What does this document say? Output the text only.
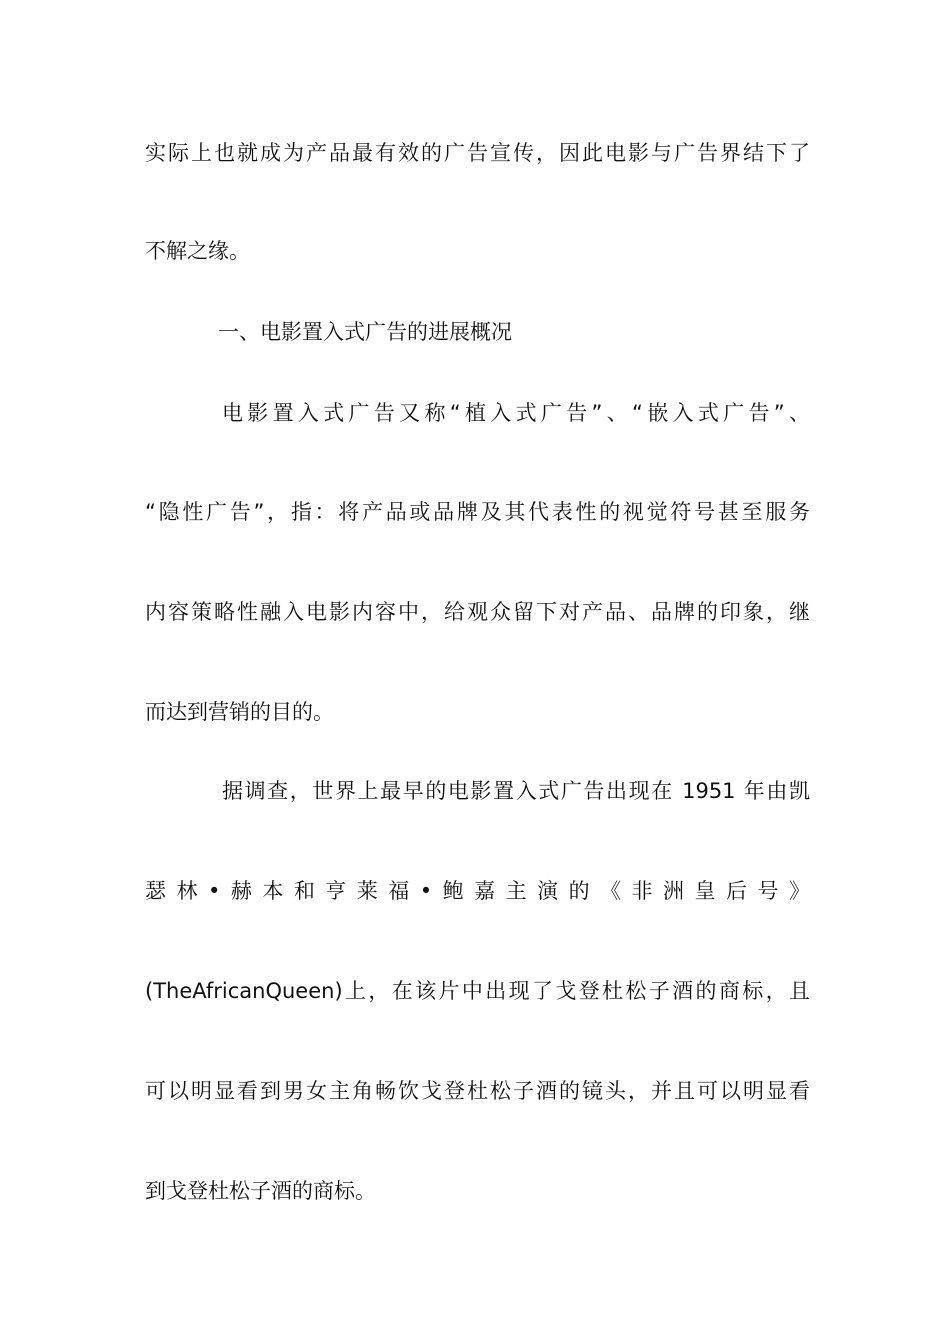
实际上也就成为产品最有效的广告宣传，因此电影与广告界结下了
不解之缘。
一、电影置入式广告的进展概况
电影置入式广告又称“植入式广告”、“嵌入式广告”、
“隐性广告”，指：将产品或品牌及其代表性的视觉符号甚至服务
内容策略性融入电影内容中，给观众留下对产品、品牌的印象，继
而达到营销的目的。
据调查，世界上最早的电影置入式广告出现在 1951 年由凯
瑟林•赫本和亨莱福•鲍嘉主演的《非洲皇后号》
(TheAfricanQueen)上，在该片中出现了戈登杜松子酒的商标，且
可以明显看到男女主角畅饮戈登杜松子酒的镜头，并且可以明显看
到戈登杜松子酒的商标。
